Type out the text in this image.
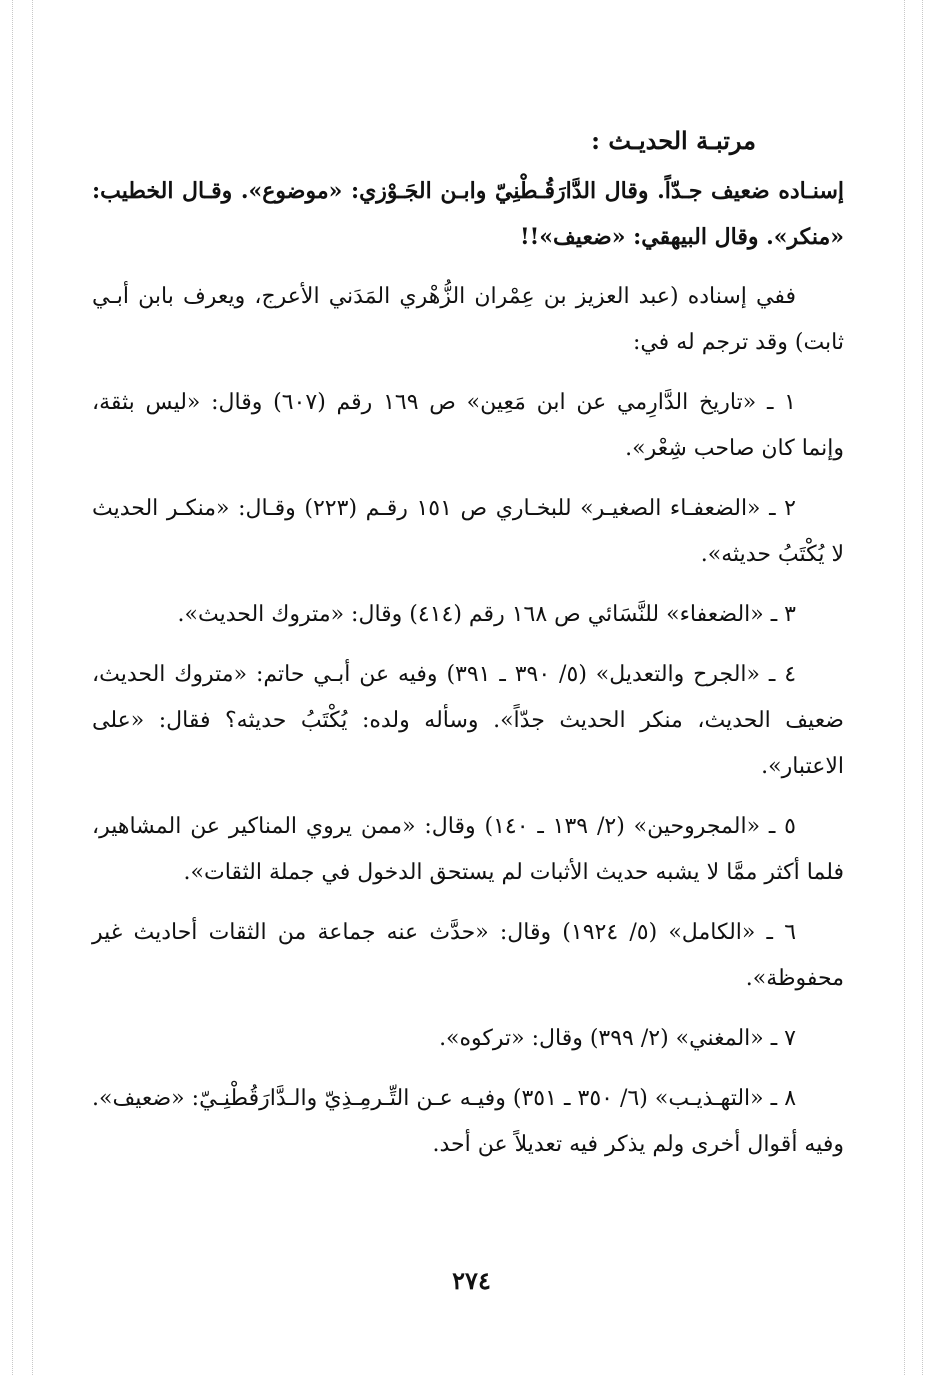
مرتبـة الحديـث :

إسنـاده ضعيف جـدّاً. وقال الدَّارَقُـطْنِيّ وابـن الجَـوْزي: «موضوع». وقـال الخطيب: «منكر». وقال البيهقي: «ضعيف»!!

ففي إسناده (عبد العزيز بن عِمْران الزُّهْري المَدَني الأعرج، ويعرف بابن أبـي ثابت) وقد ترجم له في:

١ ـ «تاريخ الدَّارِمي عن ابن مَعِين» ص ١٦٩ رقم (٦٠٧) وقال: «ليس بثقة، وإنما كان صاحب شِعْر».

٢ ـ «الضعفـاء الصغيـر» للبخـاري ص ١٥١ رقـم (٢٢٣) وقـال: «منكـر الحديث لا يُكْتَبُ حديثه».

٣ ـ «الضعفاء» للنَّسَائي ص ١٦٨ رقم (٤١٤) وقال: «متروك الحديث».

٤ ـ «الجرح والتعديل» (٥/ ٣٩٠ ـ ٣٩١) وفيه عن أبـي حاتم: «متروك الحديث، ضعيف الحديث، منكر الحديث جدّاً». وسأله ولده: يُكْتَبُ حديثه؟ فقال: «على الاعتبار».

٥ ـ «المجروحين» (٢/ ١٣٩ ـ ١٤٠) وقال: «ممن يروي المناكير عن المشاهير، فلما أكثر ممَّا لا يشبه حديث الأثبات لم يستحق الدخول في جملة الثقات».

٦ ـ «الكامل» (٥/ ١٩٢٤) وقال: «حدَّث عنه جماعة من الثقات أحاديث غير محفوظة».

٧ ـ «المغني» (٢/ ٣٩٩) وقال: «تركوه».

٨ ـ «التهـذيـب» (٦/ ٣٥٠ ـ ٣٥١) وفيـه عـن التِّـرمِـذِيّ والـدَّارَقُطْنِـيّ: «ضعيف». وفيه أقوال أخرى ولم يذكر فيه تعديلاً عن أحد.

٢٧٤
